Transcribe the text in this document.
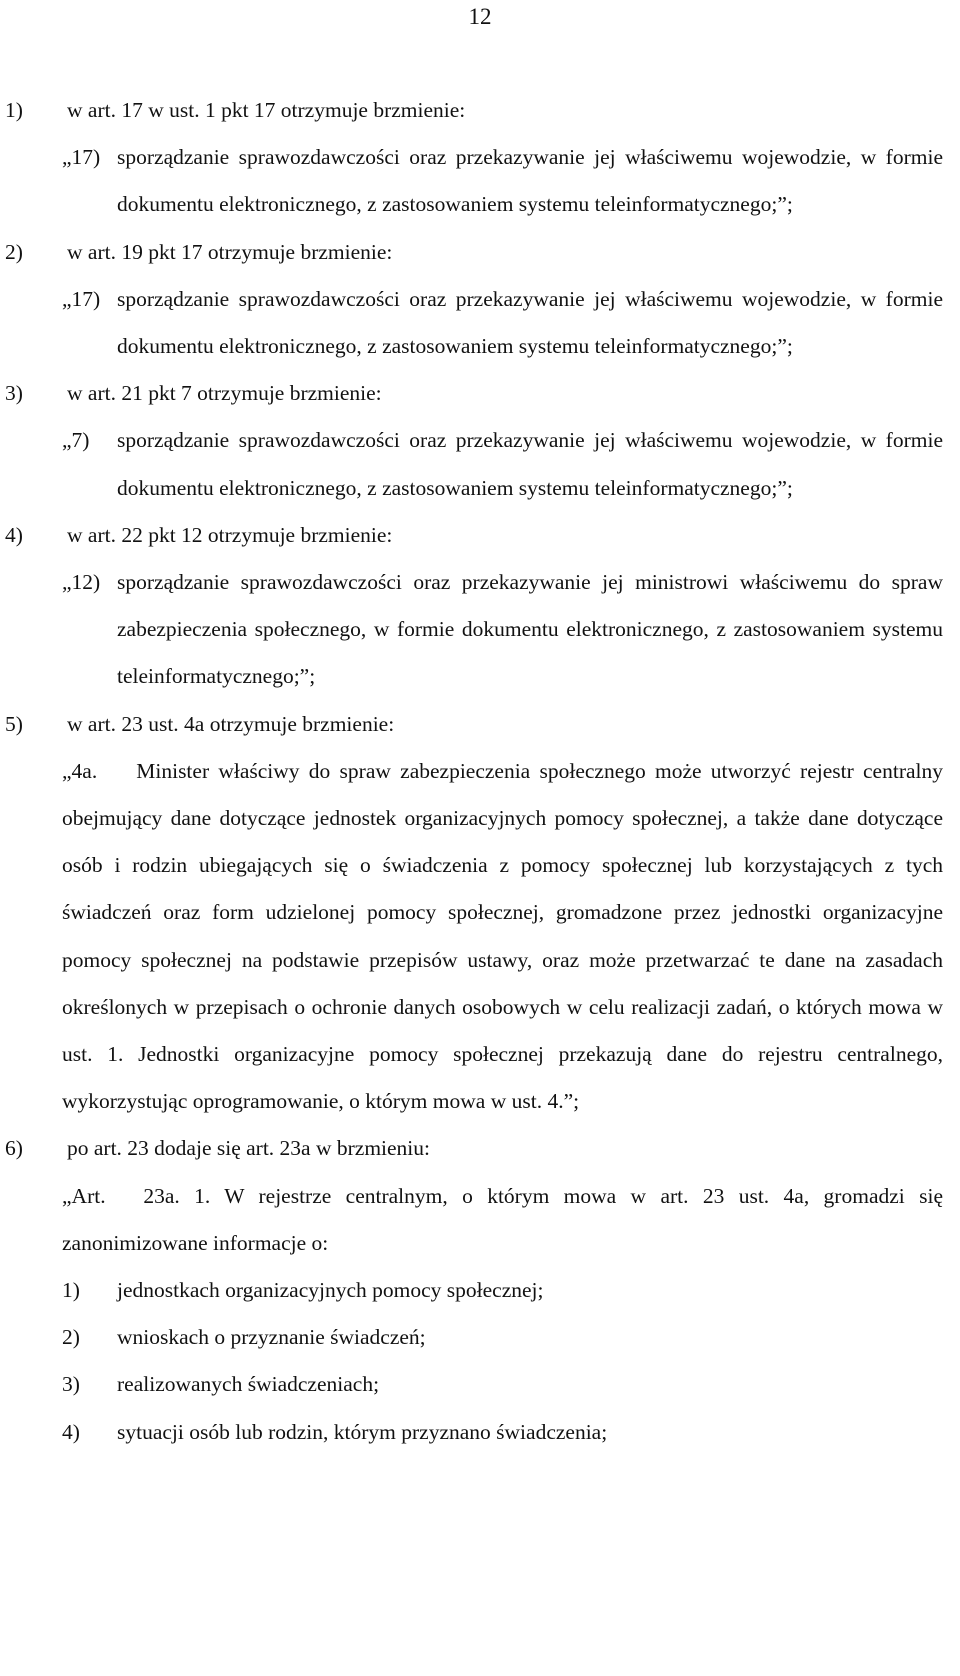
12
1)	w art. 17 w ust. 1 pkt 17 otrzymuje brzmienie:
„17) sporządzanie sprawozdawczości oraz przekazywanie jej właściwemu wojewodzie, w formie dokumentu elektronicznego, z zastosowaniem systemu teleinformatycznego;”;
2)	w art. 19 pkt 17 otrzymuje brzmienie:
„17) sporządzanie sprawozdawczości oraz przekazywanie jej właściwemu wojewodzie, w formie dokumentu elektronicznego, z zastosowaniem systemu teleinformatycznego;”;
3)	w art. 21 pkt 7 otrzymuje brzmienie:
„7)	sporządzanie sprawozdawczości oraz przekazywanie jej właściwemu wojewodzie, w formie dokumentu elektronicznego, z zastosowaniem systemu teleinformatycznego;”;
4)	w art. 22 pkt 12 otrzymuje brzmienie:
„12) sporządzanie sprawozdawczości oraz przekazywanie jej ministrowi właściwemu do spraw zabezpieczenia społecznego, w formie dokumentu elektronicznego, z zastosowaniem systemu teleinformatycznego;”;
5)	w art. 23 ust. 4a otrzymuje brzmienie:
„4a. Minister właściwy do spraw zabezpieczenia społecznego może utworzyć rejestr centralny obejmujący dane dotyczące jednostek organizacyjnych pomocy społecznej, a także dane dotyczące osób i rodzin ubiegających się o świadczenia z pomocy społecznej lub korzystających z tych świadczeń oraz form udzielonej pomocy społecznej, gromadzone przez jednostki organizacyjne pomocy społecznej na podstawie przepisów ustawy, oraz może przetwarzać te dane na zasadach określonych w przepisach o ochronie danych osobowych w celu realizacji zadań, o których mowa w ust. 1. Jednostki organizacyjne pomocy społecznej przekazują dane do rejestru centralnego, wykorzystując oprogramowanie, o którym mowa w ust. 4.”;
6)	po art. 23 dodaje się art. 23a w brzmieniu:
„Art. 23a. 1. W rejestrze centralnym, o którym mowa w art. 23 ust. 4a, gromadzi się zanonimizowane informacje o:
1)	jednostkach organizacyjnych pomocy społecznej;
2)	wnioskach o przyznanie świadczeń;
3)	realizowanych świadczeniach;
4)	sytuacji osób lub rodzin, którym przyznano świadczenia;
